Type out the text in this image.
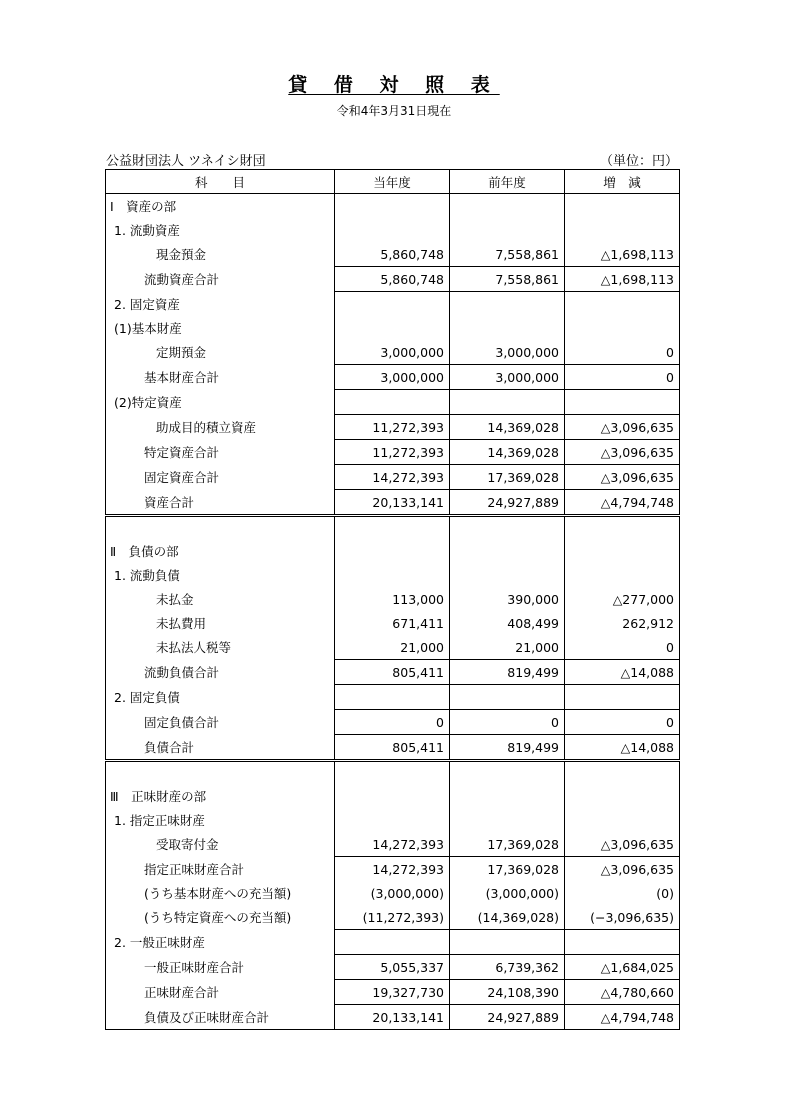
貸 借 対 照 表
令和4年3月31日現在
公益財団法人 ツネイシ財団	（単位：円）
科　　目	当年度	前年度	増　減
Ⅰ　資産の部			
1. 流動資産			
現金預金	5,860,748	7,558,861	△1,698,113
流動資産合計	5,860,748	7,558,861	△1,698,113
2. 固定資産			
(1)基本財産			
定期預金	3,000,000	3,000,000	0
基本財産合計	3,000,000	3,000,000	0
(2)特定資産			
助成目的積立資産	11,272,393	14,369,028	△3,096,635
特定資産合計	11,272,393	14,369,028	△3,096,635
固定資産合計	14,272,393	17,369,028	△3,096,635
資産合計	20,133,141	24,927,889	△4,794,748

Ⅱ　負債の部			
1. 流動負債			
未払金	113,000	390,000	△277,000
未払費用	671,411	408,499	262,912
未払法人税等	21,000	21,000	0
流動負債合計	805,411	819,499	△14,088
2. 固定負債			
固定負債合計	0	0	0
負債合計	805,411	819,499	△14,088

Ⅲ　正味財産の部			
1. 指定正味財産			
受取寄付金	14,272,393	17,369,028	△3,096,635
指定正味財産合計	14,272,393	17,369,028	△3,096,635
(うち基本財産への充当額)	(3,000,000)	(3,000,000)	(0)
(うち特定資産への充当額)	(11,272,393)	(14,369,028)	(−3,096,635)
2. 一般正味財産			
一般正味財産合計	5,055,337	6,739,362	△1,684,025
正味財産合計	19,327,730	24,108,390	△4,780,660
負債及び正味財産合計	20,133,141	24,927,889	△4,794,748
